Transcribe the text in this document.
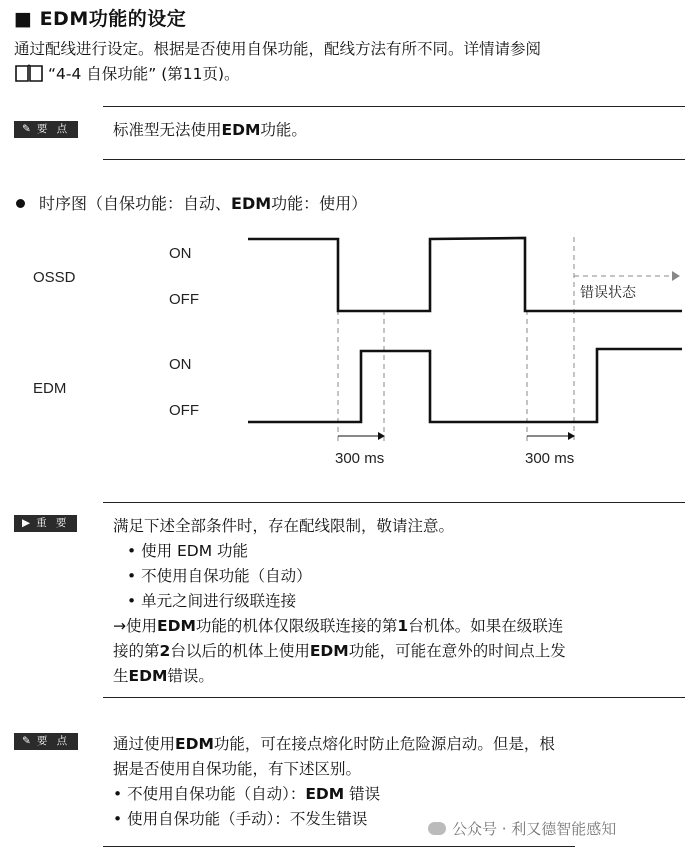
■ EDM功能的设定
通过配线进行设定。根据是否使用自保功能，配线方法有所不同。详情请参阅
“4-4 自保功能” (第11页)。
✎ 要 点	标准型无法使用EDM功能。
时序图（自保功能：自动、EDM功能：使用）
OSSD
EDM
ON
OFF
ON
OFF
300 ms	300 ms
错误状态
▶ 重 要	满足下述全部条件时，存在配线限制，敬请注意。
• 使用 EDM 功能
• 不使用自保功能（自动）
• 单元之间进行级联连接
→使用EDM功能的机体仅限级联连接的第1台机体。如果在级联连
接的第2台以后的机体上使用EDM功能，可能在意外的时间点上发
生EDM错误。
✎ 要 点	通过使用EDM功能，可在接点熔化时防止危险源启动。但是，根
据是否使用自保功能，有下述区别。
• 不使用自保功能（自动）：EDM 错误
• 使用自保功能（手动）：不发生错误
公众号 · 利又德智能感知
